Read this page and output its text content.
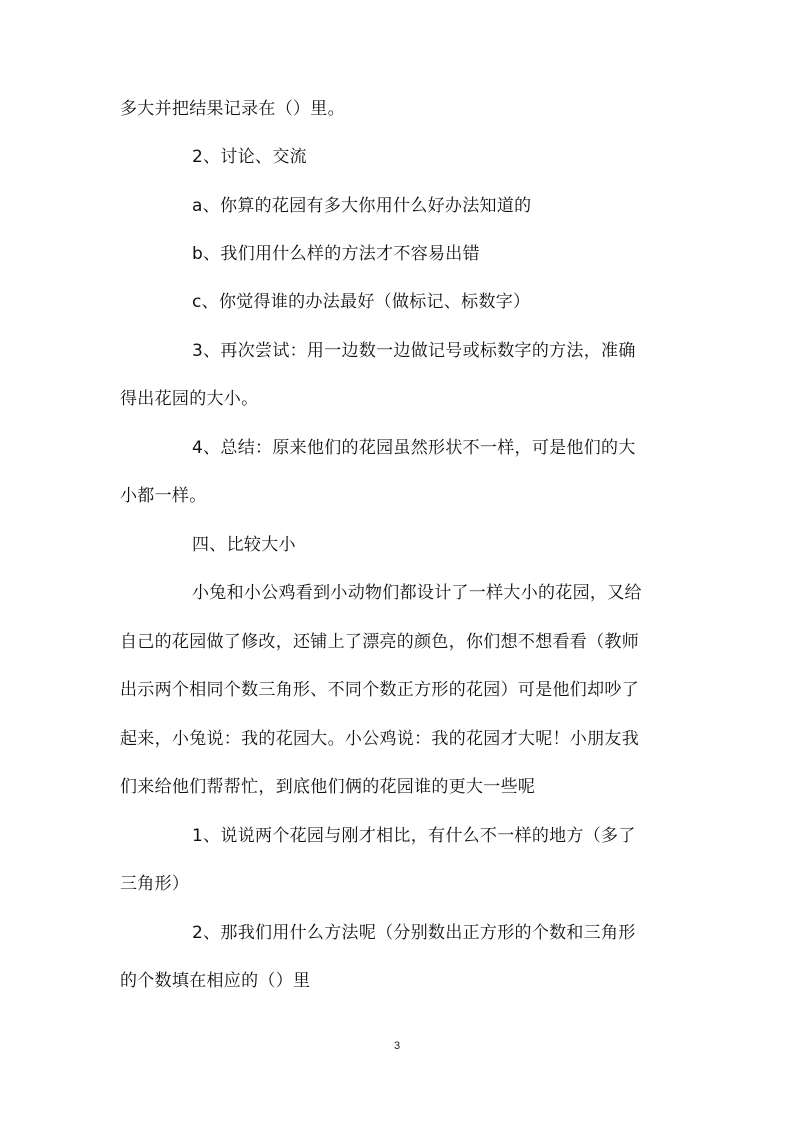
多大并把结果记录在（）里。
2、讨论、交流
a、你算的花园有多大你用什么好办法知道的
b、我们用什么样的方法才不容易出错
c、你觉得谁的办法最好（做标记、标数字）
3、再次尝试：用一边数一边做记号或标数字的方法，准确
得出花园的大小。
4、总结：原来他们的花园虽然形状不一样，可是他们的大
小都一样。
四、比较大小
小兔和小公鸡看到小动物们都设计了一样大小的花园，又给
自己的花园做了修改，还铺上了漂亮的颜色，你们想不想看看（教师
出示两个相同个数三角形、不同个数正方形的花园）可是他们却吵了
起来，小兔说：我的花园大。小公鸡说：我的花园才大呢！小朋友我
们来给他们帮帮忙，到底他们俩的花园谁的更大一些呢
1、说说两个花园与刚才相比，有什么不一样的地方（多了
三角形）
2、那我们用什么方法呢（分别数出正方形的个数和三角形
的个数填在相应的（）里
3
